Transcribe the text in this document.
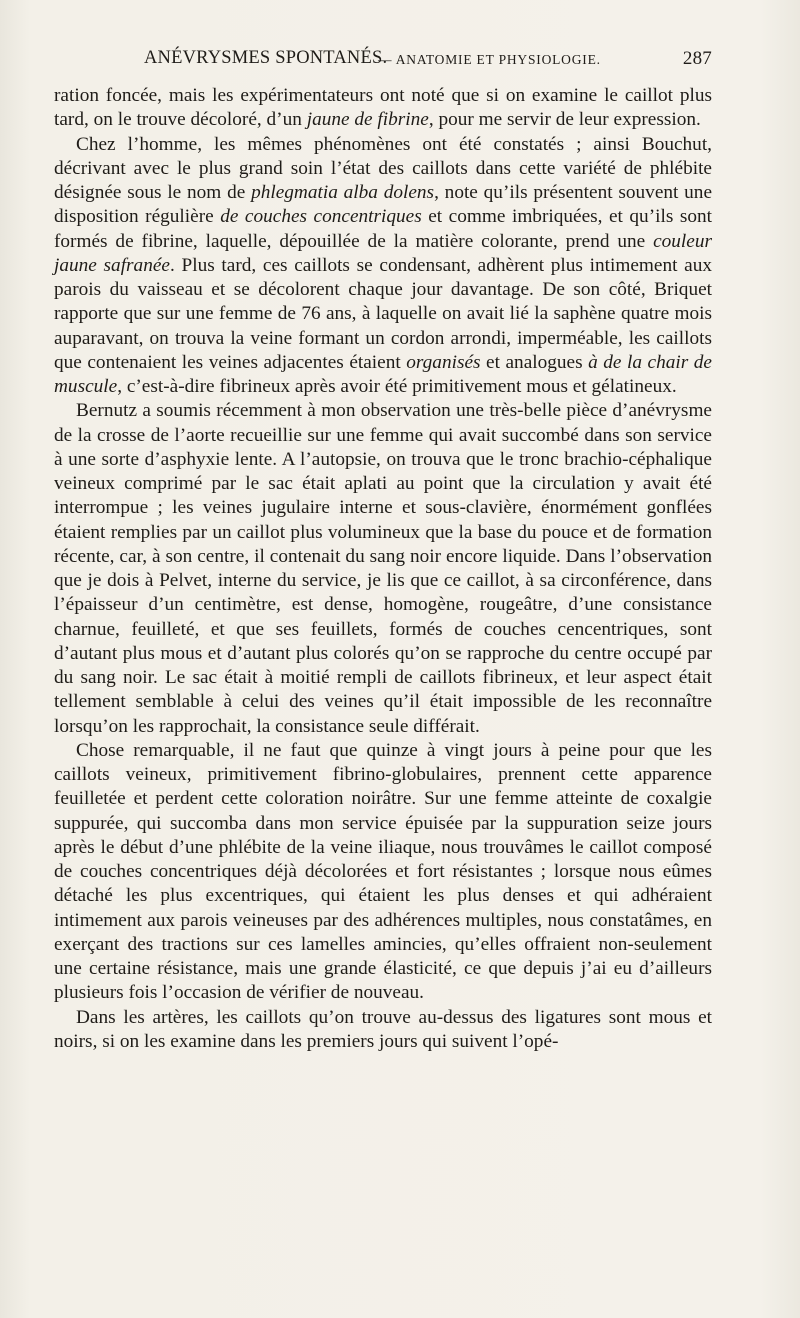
ANÉVRYSMES SPONTANÉS.
— ANATOMIE ET PHYSIOLOGIE.	287

ration foncée, mais les expérimentateurs ont noté que si on examine le caillot plus tard, on le trouve décoloré, d’un jaune de fibrine, pour me servir de leur expression.

Chez l’homme, les mêmes phénomènes ont été constatés ; ainsi Bouchut, décrivant avec le plus grand soin l’état des caillots dans cette variété de phlébite désignée sous le nom de phlegmatia alba dolens, note qu’ils présentent souvent une disposition régulière de couches concentriques et comme imbriquées, et qu’ils sont formés de fibrine, laquelle, dépouillée de la matière colorante, prend une couleur jaune safranée. Plus tard, ces caillots se condensant, adhèrent plus intimement aux parois du vaisseau et se décolorent chaque jour davantage. De son côté, Briquet rapporte que sur une femme de 76 ans, à laquelle on avait lié la saphène quatre mois auparavant, on trouva la veine formant un cordon arrondi, imperméable, les caillots que contenaient les veines adjacentes étaient organisés et analogues à de la chair de muscule, c’est-à-dire fibrineux après avoir été primitivement mous et gélatineux.

Bernutz a soumis récemment à mon observation une très-belle pièce d’anévrysme de la crosse de l’aorte recueillie sur une femme qui avait succombé dans son service à une sorte d’asphyxie lente. A l’autopsie, on trouva que le tronc brachio-céphalique veineux comprimé par le sac était aplati au point que la circulation y avait été interrompue ; les veines jugulaire interne et sous-clavière, énormément gonflées étaient remplies par un caillot plus volumineux que la base du pouce et de formation récente, car, à son centre, il contenait du sang noir encore liquide. Dans l’observation que je dois à Pelvet, interne du service, je lis que ce caillot, à sa circonférence, dans l’épaisseur d’un centimètre, est dense, homogène, rougeâtre, d’une consistance charnue, feuilleté, et que ses feuillets, formés de couches cencentriques, sont d’autant plus mous et d’autant plus colorés qu’on se rapproche du centre occupé par du sang noir. Le sac était à moitié rempli de caillots fibrineux, et leur aspect était tellement semblable à celui des veines qu’il était impossible de les reconnaître lorsqu’on les rapprochait, la consistance seule différait.

Chose remarquable, il ne faut que quinze à vingt jours à peine pour que les caillots veineux, primitivement fibrino-globulaires, prennent cette apparence feuilletée et perdent cette coloration noirâtre. Sur une femme atteinte de coxalgie suppurée, qui succomba dans mon service épuisée par la suppuration seize jours après le début d’une phlébite de la veine iliaque, nous trouvâmes le caillot composé de couches concentriques déjà décolorées et fort résistantes ; lorsque nous eûmes détaché les plus excentriques, qui étaient les plus denses et qui adhéraient intimement aux parois veineuses par des adhérences multiples, nous constatâmes, en exerçant des tractions sur ces lamelles amincies, qu’elles offraient non-seulement une certaine résistance, mais une grande élasticité, ce que depuis j’ai eu d’ailleurs plusieurs fois l’occasion de vérifier de nouveau.

Dans les artères, les caillots qu’on trouve au-dessus des ligatures sont mous et noirs, si on les examine dans les premiers jours qui suivent l’opé-
